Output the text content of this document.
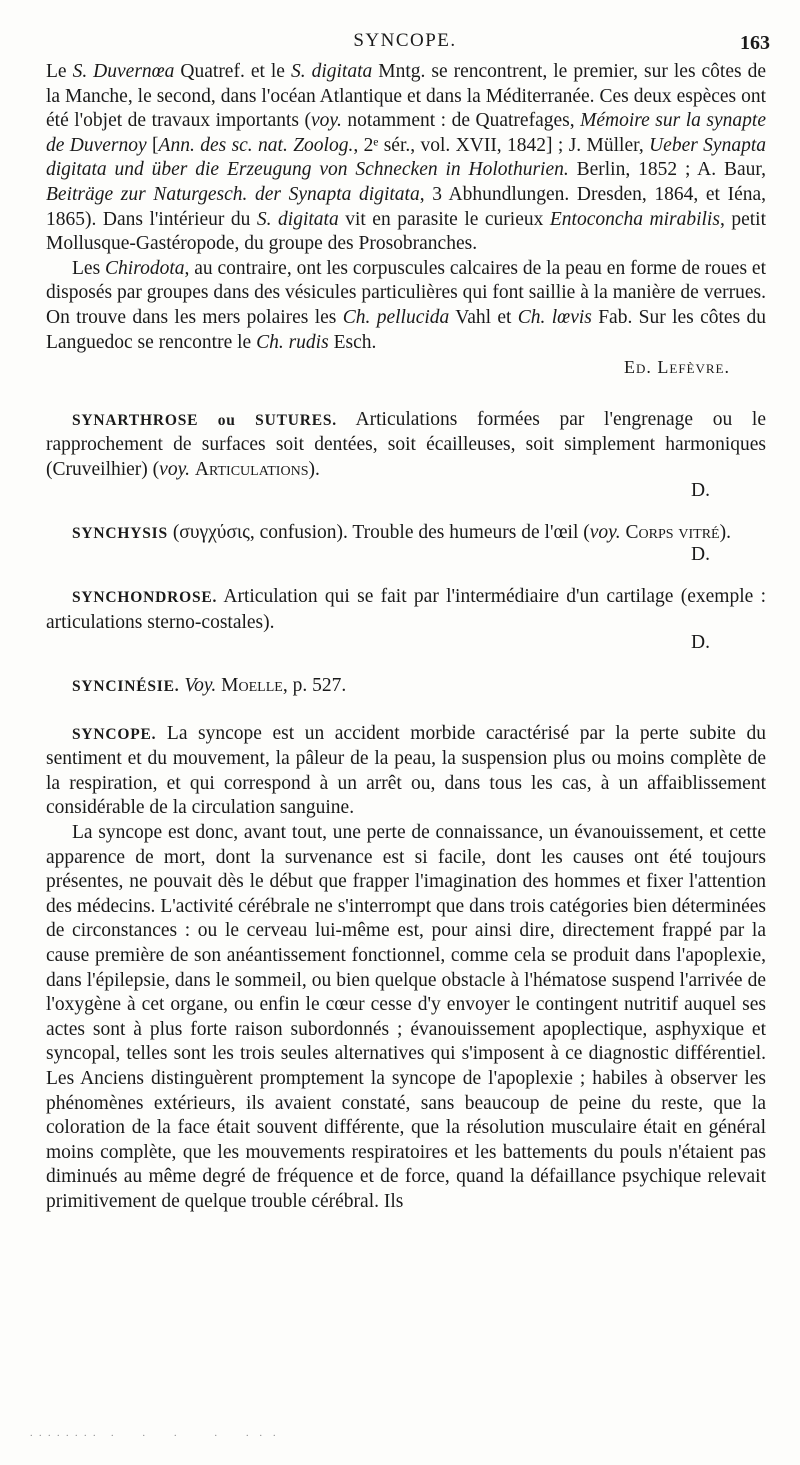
SYNCOPE.	163

Le S. Duvernœa Quatref. et le S. digitata Mntg. se rencontrent, le premier, sur les côtes de la Manche, le second, dans l'océan Atlantique et dans la Méditerranée. Ces deux espèces ont été l'objet de travaux importants (voy. notamment : de Quatrefages, Mémoire sur la synapte de Duvernoy [Ann. des sc. nat. Zoolog., 2ᵉ sér., vol. XVII, 1842] ; J. Müller, Ueber Synapta digitata und über die Erzeugung von Schnecken in Holothurien. Berlin, 1852 ; A. Baur, Beiträge zur Naturgesch. der Synapta digitata, 3 Abhundlungen. Dresden, 1864, et Iéna, 1865). Dans l'intérieur du S. digitata vit en parasite le curieux Entoconcha mirabilis, petit Mollusque-Gastéropode, du groupe des Prosobranches.

Les Chirodota, au contraire, ont les corpuscules calcaires de la peau en forme de roues et disposés par groupes dans des vésicules particulières qui font saillie à la manière de verrues. On trouve dans les mers polaires les Ch. pellucida Vahl et Ch. lœvis Fab. Sur les côtes du Languedoc se rencontre le Ch. rudis Esch.

Ed. Lefèvre.

SYNARTHROSE ou SUTURES. Articulations formées par l'engrenage ou le rapprochement de surfaces soit dentées, soit écailleuses, soit simplement harmoniques (Cruveilhier) (voy. Articulations).

D.

SYNCHYSIS (συγχύσις, confusion). Trouble des humeurs de l'œil (voy. Corps vitré).

D.

SYNCHONDROSE. Articulation qui se fait par l'intermédiaire d'un cartilage (exemple : articulations sterno-costales).

D.

SYNCINÉSIE. Voy. Moelle, p. 527.

SYNCOPE. La syncope est un accident morbide caractérisé par la perte subite du sentiment et du mouvement, la pâleur de la peau, la suspension plus ou moins complète de la respiration, et qui correspond à un arrêt ou, dans tous les cas, à un affaiblissement considérable de la circulation sanguine.

La syncope est donc, avant tout, une perte de connaissance, un évanouissement, et cette apparence de mort, dont la survenance est si facile, dont les causes ont été toujours présentes, ne pouvait dès le début que frapper l'imagination des hommes et fixer l'attention des médecins. L'activité cérébrale ne s'interrompt que dans trois catégories bien déterminées de circonstances : ou le cerveau lui-même est, pour ainsi dire, directement frappé par la cause première de son anéantissement fonctionnel, comme cela se produit dans l'apoplexie, dans l'épilepsie, dans le sommeil, ou bien quelque obstacle à l'hématose suspend l'arrivée de l'oxygène à cet organe, ou enfin le cœur cesse d'y envoyer le contingent nutritif auquel ses actes sont à plus forte raison subordonnés ; évanouissement apoplectique, asphyxique et syncopal, telles sont les trois seules alternatives qui s'imposent à ce diagnostic différentiel. Les Anciens distinguèrent promptement la syncope de l'apoplexie ; habiles à observer les phénomènes extérieurs, ils avaient constaté, sans beaucoup de peine du reste, que la coloration de la face était souvent différente, que la résolution musculaire était en général moins complète, que les mouvements respiratoires et les battements du pouls n'étaient pas diminués au même degré de fréquence et de force, quand la défaillance psychique relevait primitivement de quelque trouble cérébral. Ils

. . . . . . . .   .      .      .        .      .  .  .
